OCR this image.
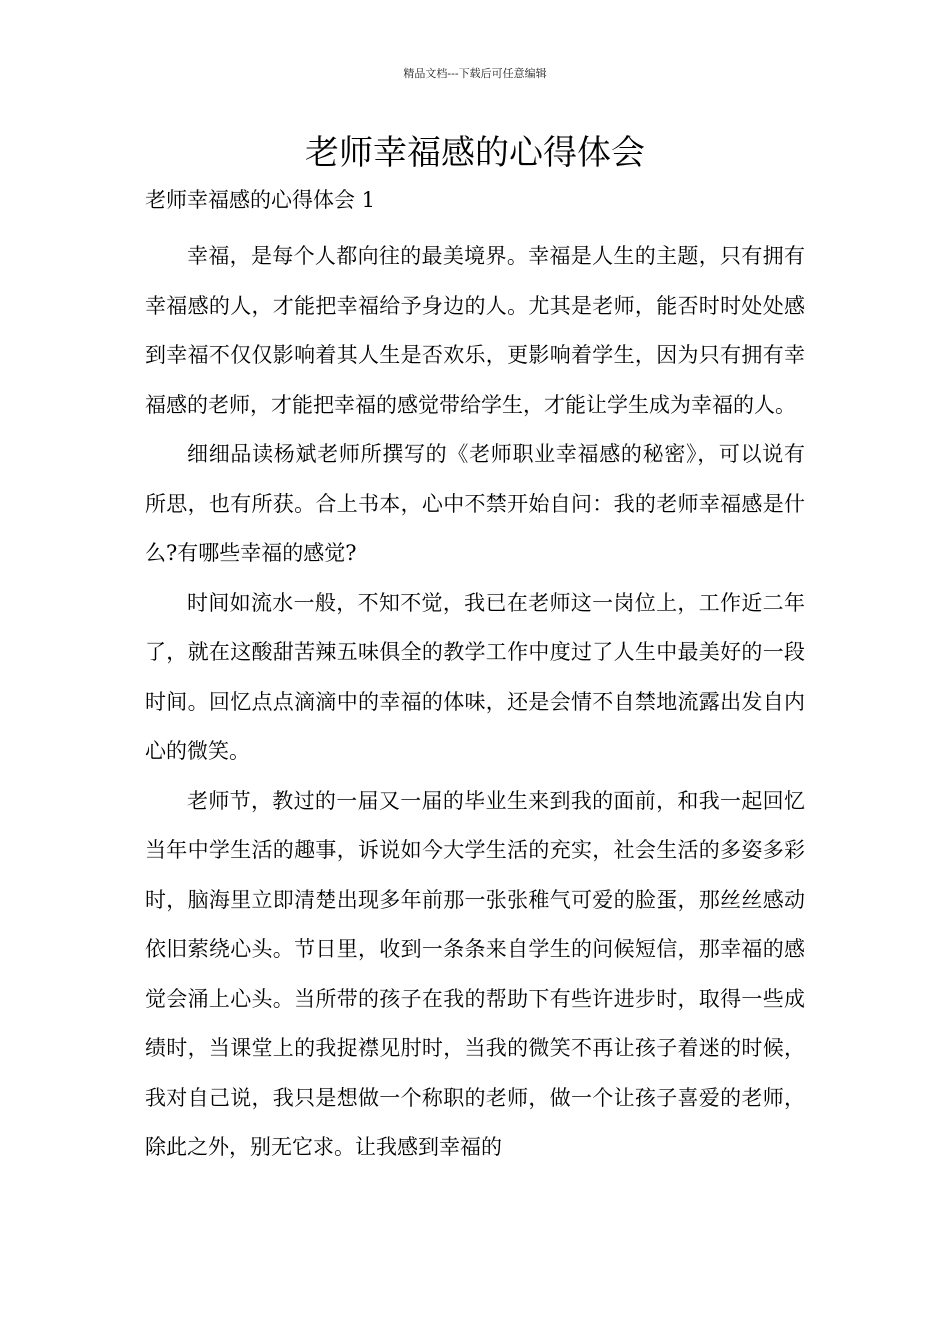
精品文档---下载后可任意编辑
老师幸福感的心得体会
老师幸福感的心得体会 1

幸福，是每个人都向往的最美境界。幸福是人生的主题，只有拥有幸福感的人，才能把幸福给予身边的人。尤其是老师，能否时时处处感到幸福不仅仅影响着其人生是否欢乐，更影响着学生，因为只有拥有幸福感的老师，才能把幸福的感觉带给学生，才能让学生成为幸福的人。

细细品读杨斌老师所撰写的《老师职业幸福感的秘密》，可以说有所思，也有所获。合上书本，心中不禁开始自问：我的老师幸福感是什么?有哪些幸福的感觉?

时间如流水一般，不知不觉，我已在老师这一岗位上，工作近二年了，就在这酸甜苦辣五味俱全的教学工作中度过了人生中最美好的一段时间。回忆点点滴滴中的幸福的体味，还是会情不自禁地流露出发自内心的微笑。

老师节，教过的一届又一届的毕业生来到我的面前，和我一起回忆当年中学生活的趣事，诉说如今大学生活的充实，社会生活的多姿多彩时，脑海里立即清楚出现多年前那一张张稚气可爱的脸蛋，那丝丝感动依旧萦绕心头。节日里，收到一条条来自学生的问候短信，那幸福的感觉会涌上心头。当所带的孩子在我的帮助下有些许进步时，取得一些成绩时，当课堂上的我捉襟见肘时，当我的微笑不再让孩子着迷的时候，我对自己说，我只是想做一个称职的老师，做一个让孩子喜爱的老师，除此之外，别无它求。让我感到幸福的
